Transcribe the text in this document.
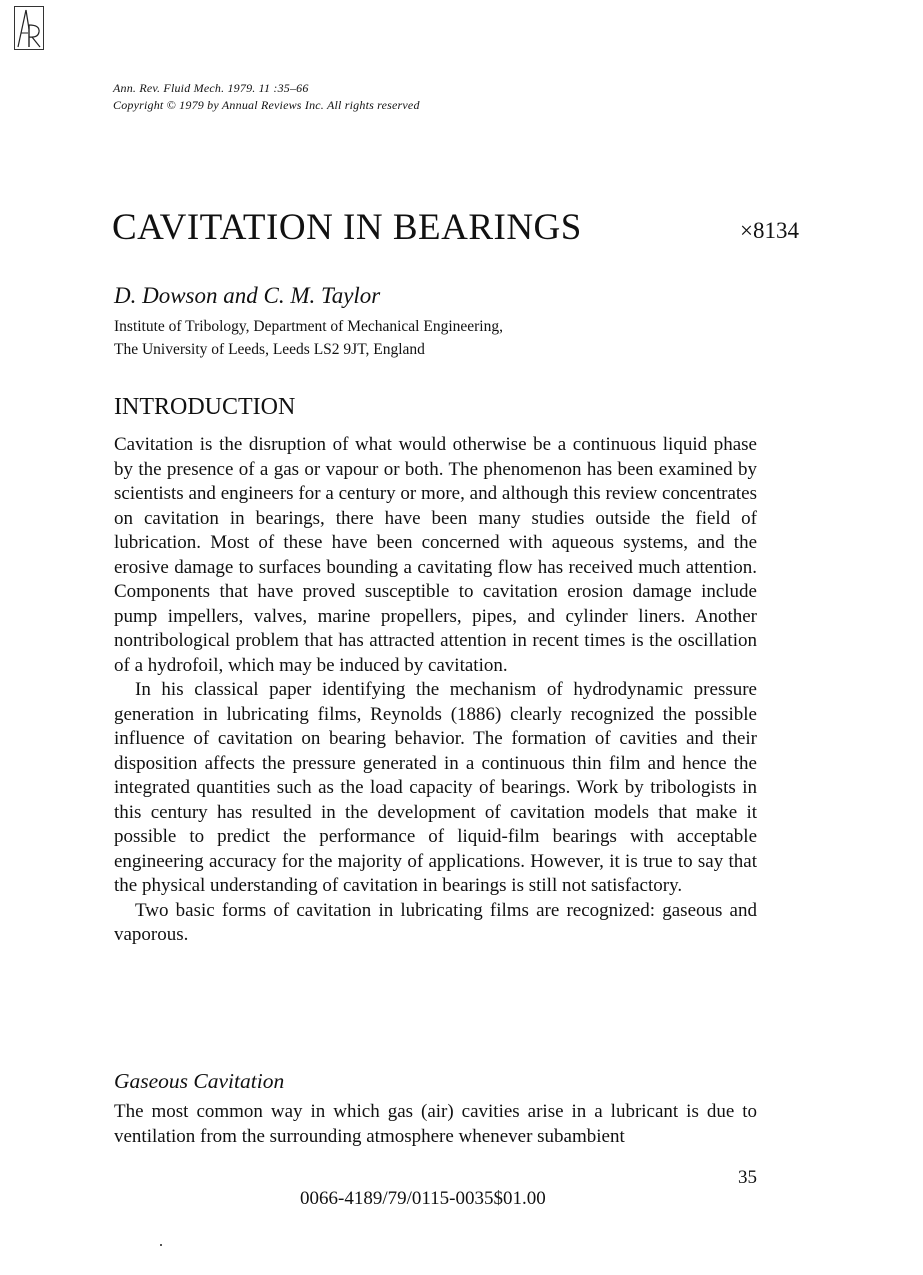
Ann. Rev. Fluid Mech. 1979. 11 :35–66
Copyright © 1979 by Annual Reviews Inc. All rights reserved
CAVITATION IN BEARINGS	×8134
D. Dowson and C. M. Taylor
Institute of Tribology, Department of Mechanical Engineering,
The University of Leeds, Leeds LS2 9JT, England
INTRODUCTION

Cavitation is the disruption of what would otherwise be a continuous liquid phase by the presence of a gas or vapour or both. The phenomenon has been examined by scientists and engineers for a century or more, and although this review concentrates on cavitation in bearings, there have been many studies outside the field of lubrication. Most of these have been concerned with aqueous systems, and the erosive damage to surfaces bounding a cavitating flow has received much attention. Components that have proved susceptible to cavitation erosion damage include pump impellers, valves, marine propellers, pipes, and cylinder liners. Another nontribological problem that has attracted attention in recent times is the oscillation of a hydrofoil, which may be induced by cavitation.

In his classical paper identifying the mechanism of hydrodynamic pressure generation in lubricating films, Reynolds (1886) clearly recognized the possible influence of cavitation on bearing behavior. The formation of cavities and their disposition affects the pressure generated in a continuous thin film and hence the integrated quantities such as the load capacity of bearings. Work by tribologists in this century has resulted in the development of cavitation models that make it possible to predict the performance of liquid-film bearings with acceptable engineering accuracy for the majority of applications. However, it is true to say that the physical understanding of cavitation in bearings is still not satisfactory.

Two basic forms of cavitation in lubricating films are recognized: gaseous and vaporous.

Gaseous Cavitation

The most common way in which gas (air) cavities arise in a lubricant is due to ventilation from the surrounding atmosphere whenever subambient

35
0066-4189/79/0115-0035$01.00
